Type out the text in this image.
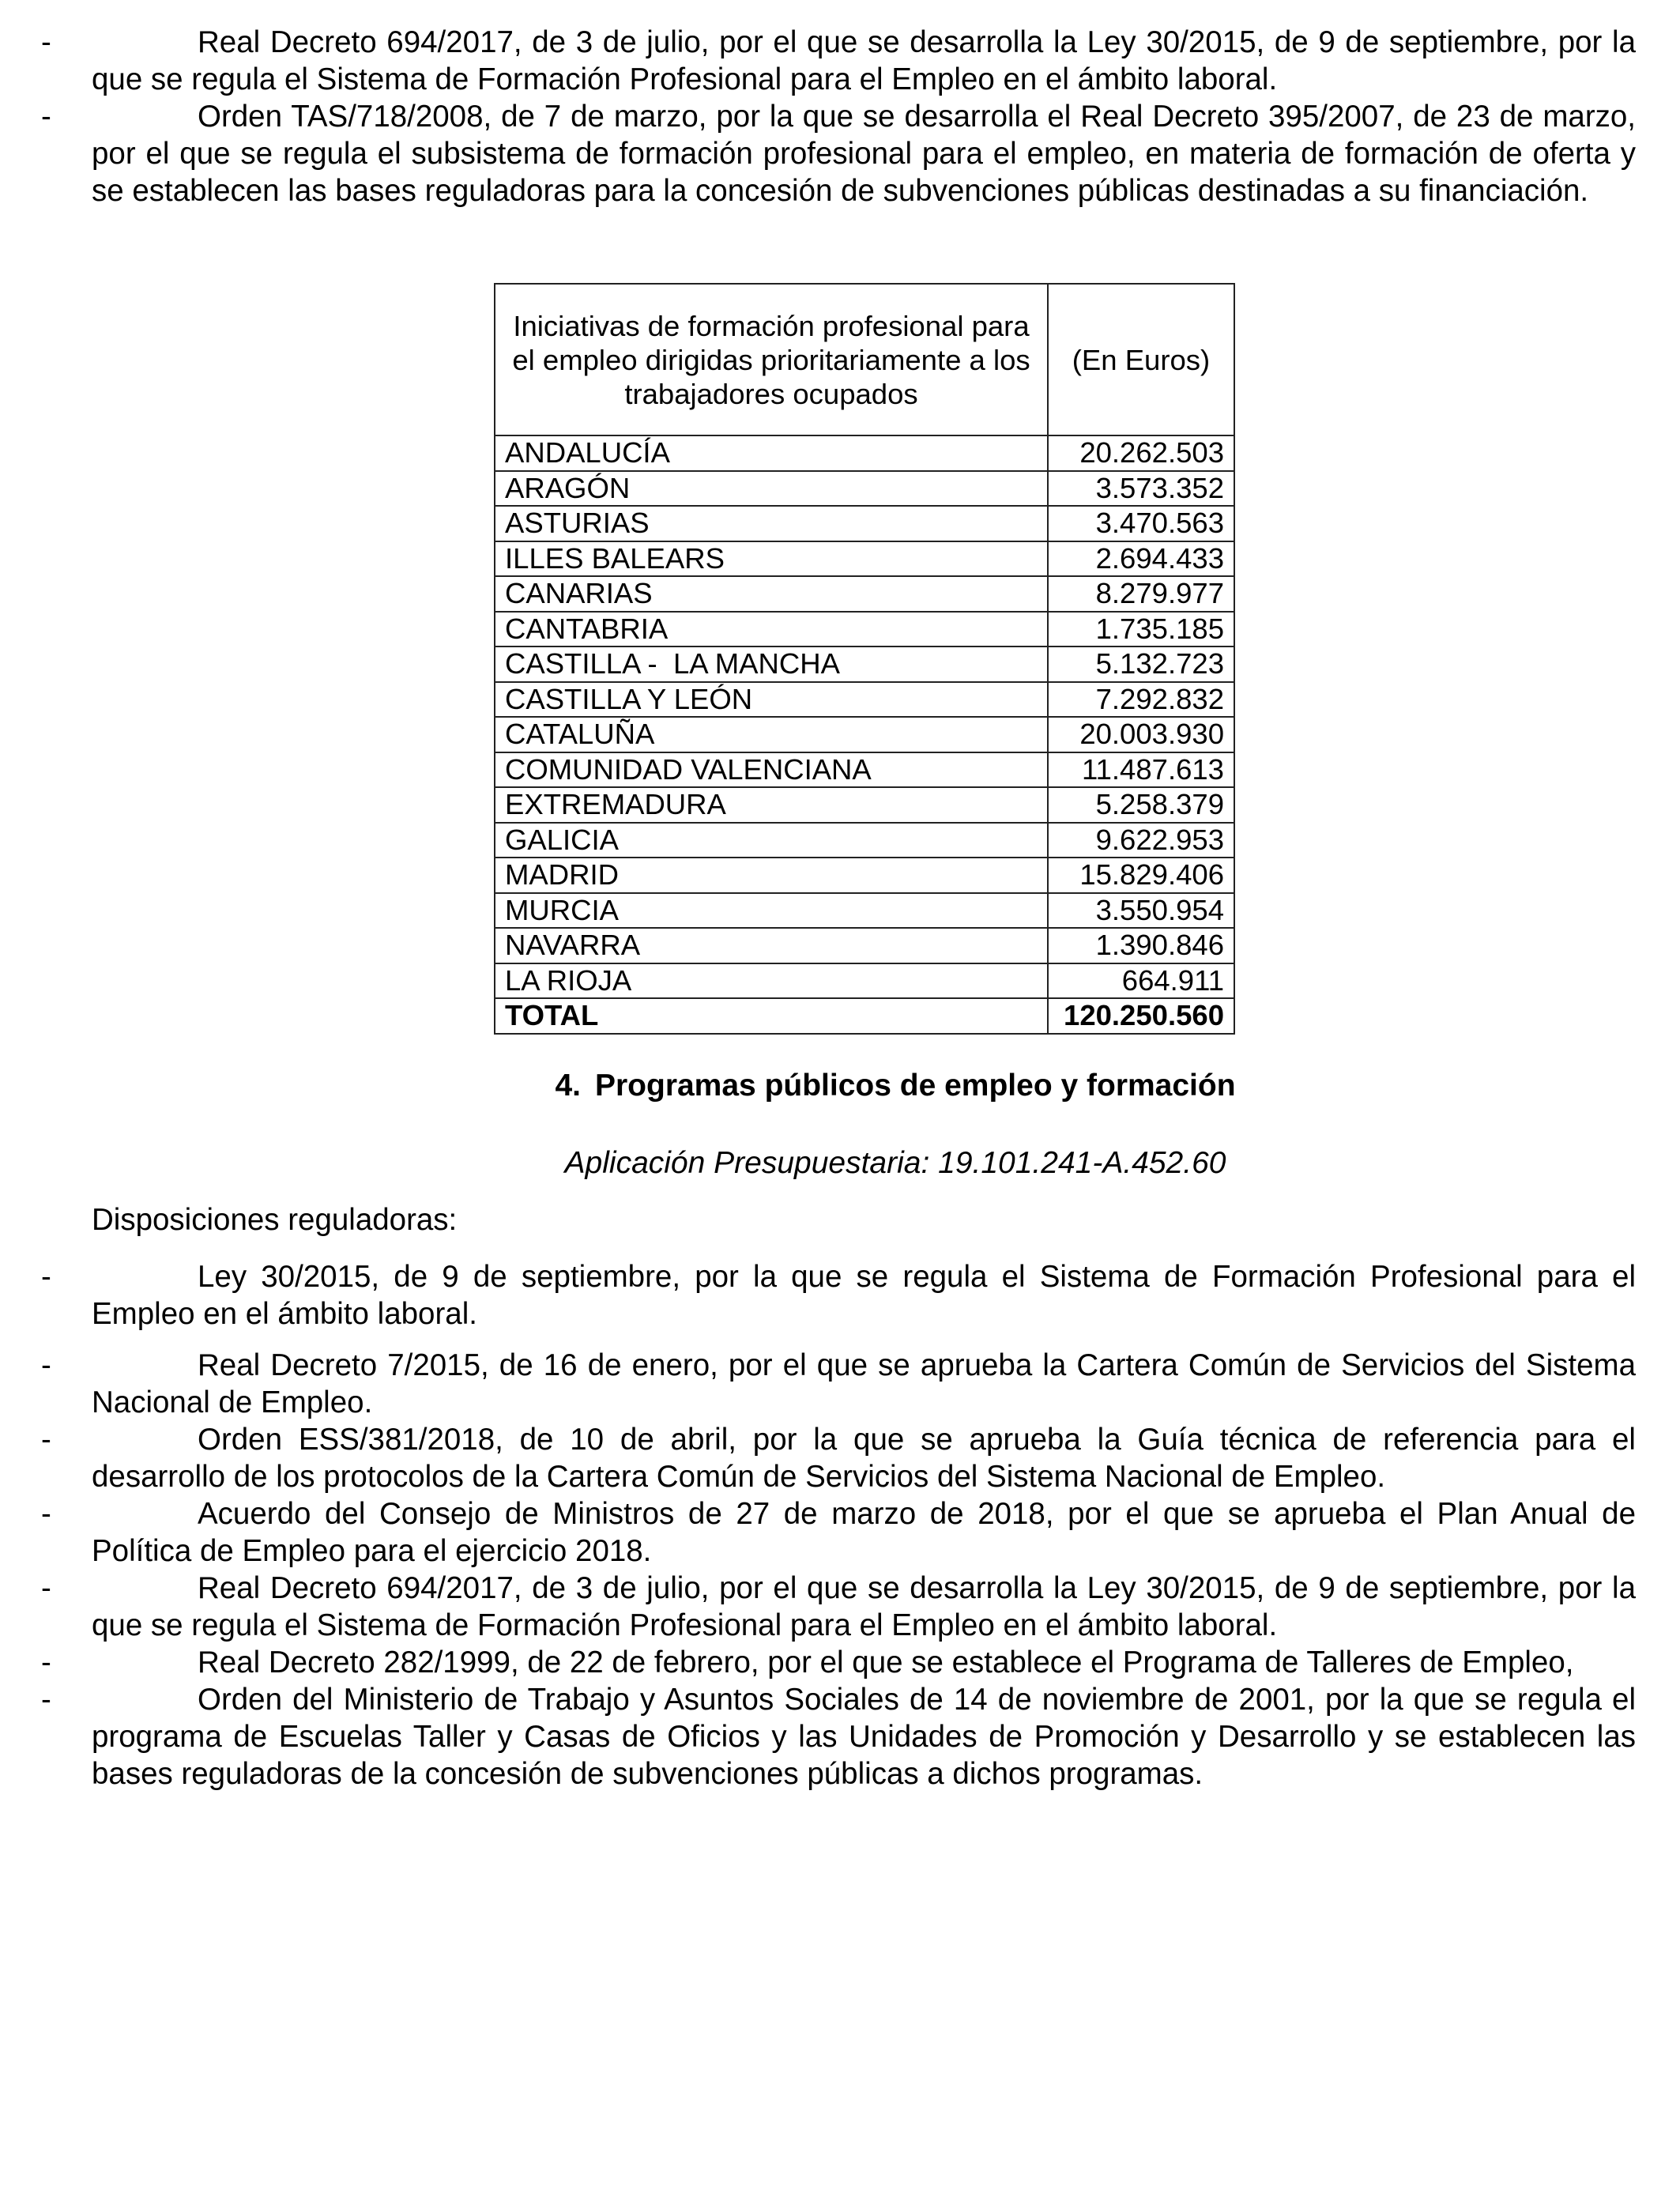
-	Real Decreto 694/2017, de 3 de julio, por el que se desarrolla la Ley 30/2015, de 9 de septiembre, por la que se regula el Sistema de Formación Profesional para el Empleo en el ámbito laboral.
-	Orden TAS/718/2008, de 7 de marzo, por la que se desarrolla el Real Decreto 395/2007, de 23 de marzo, por el que se regula el subsistema de formación profesional para el empleo, en materia de formación de oferta y se establecen las bases reguladoras para la concesión de subvenciones públicas destinadas a su financiación.
Iniciativas de formación profesional para el empleo dirigidas prioritariamente a los trabajadores ocupados	(En Euros)
ANDALUCÍA	20.262.503
ARAGÓN	3.573.352
ASTURIAS	3.470.563
ILLES BALEARS	2.694.433
CANARIAS	8.279.977
CANTABRIA	1.735.185
CASTILLA -  LA MANCHA	5.132.723
CASTILLA Y LEÓN	7.292.832
CATALUÑA	20.003.930
COMUNIDAD VALENCIANA	11.487.613
EXTREMADURA	5.258.379
GALICIA	9.622.953
MADRID	15.829.406
MURCIA	3.550.954
NAVARRA	1.390.846
LA RIOJA	664.911
TOTAL	120.250.560
4. Programas públicos de empleo y formación
Aplicación Presupuestaria: 19.101.241-A.452.60
Disposiciones reguladoras:
-	Ley 30/2015, de 9 de septiembre, por la que se regula el Sistema de Formación Profesional para el Empleo en el ámbito laboral.
-	Real Decreto 7/2015, de 16 de enero, por el que se aprueba la Cartera Común de Servicios del Sistema Nacional de Empleo.
-	Orden ESS/381/2018, de 10 de abril, por la que se aprueba la Guía técnica de referencia para el desarrollo de los protocolos de la Cartera Común de Servicios del Sistema Nacional de Empleo.
-	Acuerdo del Consejo de Ministros de 27 de marzo de 2018, por el que se aprueba el Plan Anual de Política de Empleo para el ejercicio 2018.
-	Real Decreto 694/2017, de 3 de julio, por el que se desarrolla la Ley 30/2015, de 9 de septiembre, por la que se regula el Sistema de Formación Profesional para el Empleo en el ámbito laboral.
-	Real Decreto 282/1999, de 22 de febrero, por el que se establece el Programa de Talleres de Empleo,
-	Orden del Ministerio de Trabajo y Asuntos Sociales de 14 de noviembre de 2001, por la que se regula el programa de Escuelas Taller y Casas de Oficios y las Unidades de Promoción y Desarrollo y se establecen las bases reguladoras de la concesión de subvenciones públicas a dichos programas.
